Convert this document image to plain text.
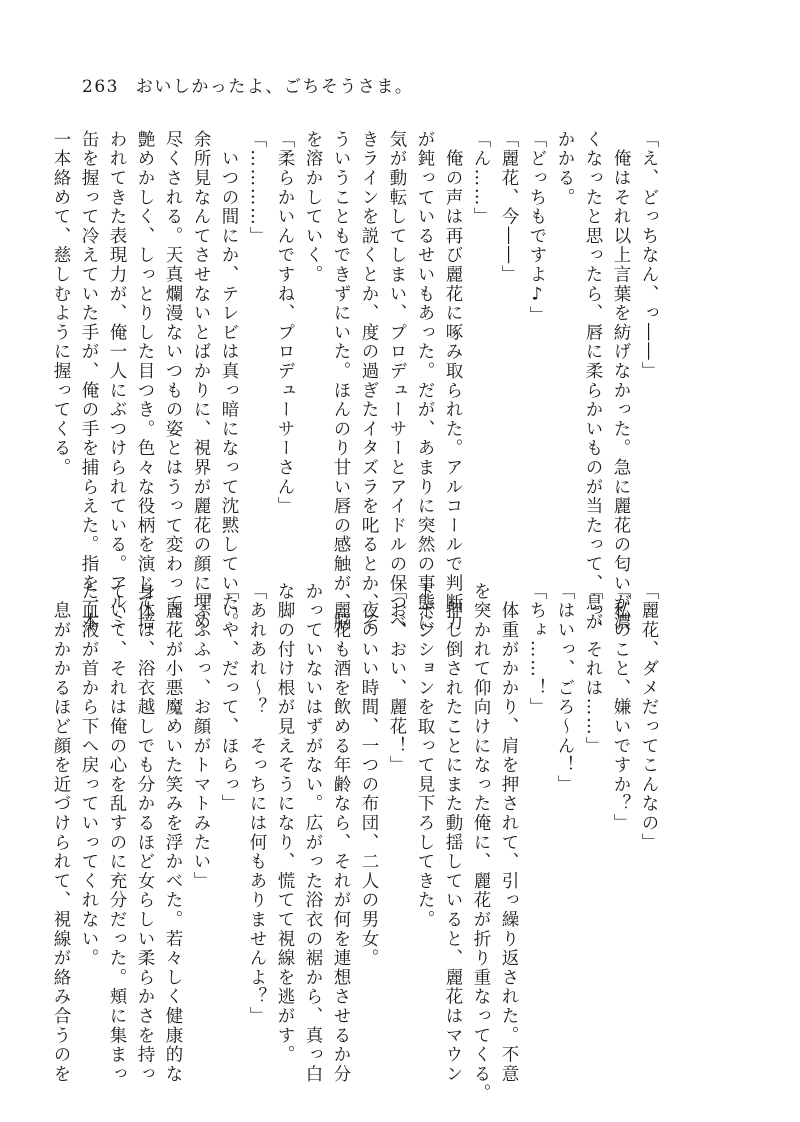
263 おいしかったよ、ごちそうさま。
「え、どっちなん、っ――」
　俺はそれ以上言葉を紡げなかった。急に麗花の匂いが濃
くなったと思ったら、唇に柔らかいものが当たって、息が
かかる。
「どっちもですよ♪」
「麗花、今――」
「ん……」
　俺の声は再び麗花に啄み取られた。アルコールで判断力
が鈍っているせいもあった。だが、あまりに突然の事態に
気が動転してしまい、プロデューサーとアイドルの保つべ
きラインを説くとか、度の過ぎたイタズラを叱るとか、そ
ういうこともできずにいた。ほんのり甘い唇の感触が、脳
を溶かしていく。
「柔らかいんですね、プロデューサーさん」
「…………」
　いつの間にか、テレビは真っ暗になって沈黙していた。
余所見なんてさせないとばかりに、視界が麗花の顔に埋め
尽くされる。天真爛漫ないつもの姿とはうって変わって、
艶めかしく、しっとりした目つき。色々な役柄を演じて培
われてきた表現力が、俺一人にぶつけられている。アルミ
缶を握って冷えていた手が、俺の手を捕らえた。指を一本
一本絡めて、慈しむように握ってくる。
「麗花、ダメだってこんなの」
「私のこと、嫌いですか？」
「っ、それは……」
「はいっ、ごろ～ん！」
「ちょ……！」
　体重がかかり、肩を押されて、引っ繰り返された。不意
を突かれて仰向けになった俺に、麗花が折り重なってくる。
　押し倒されたことにまた動揺していると、麗花はマウン
トポジションを取って見下ろしてきた。
「お、おい、麗花！」
　夜のいい時間、一つの布団、二人の男女。
　麗花も酒を飲める年齢なら、それが何を連想させるか分
かっていないはずがない。広がった浴衣の裾から、真っ白
な脚の付け根が見えそうになり、慌てて視線を逃がす。
「あれあれ～？　そっちには何もありませんよ？」
「いや、だって、ほらっ」
「ふふふっ、お顔がトマトみたい」
　麗花が小悪魔めいた笑みを浮かべた。若々しく健康的な
身体は、浴衣越しでも分かるほど女らしい柔らかさを持っ
ていて、それは俺の心を乱すのに充分だった。頬に集まっ
た血液が首から下へ戻っていってくれない。
　息がかかるほど顔を近づけられて、視線が絡み合うのを
